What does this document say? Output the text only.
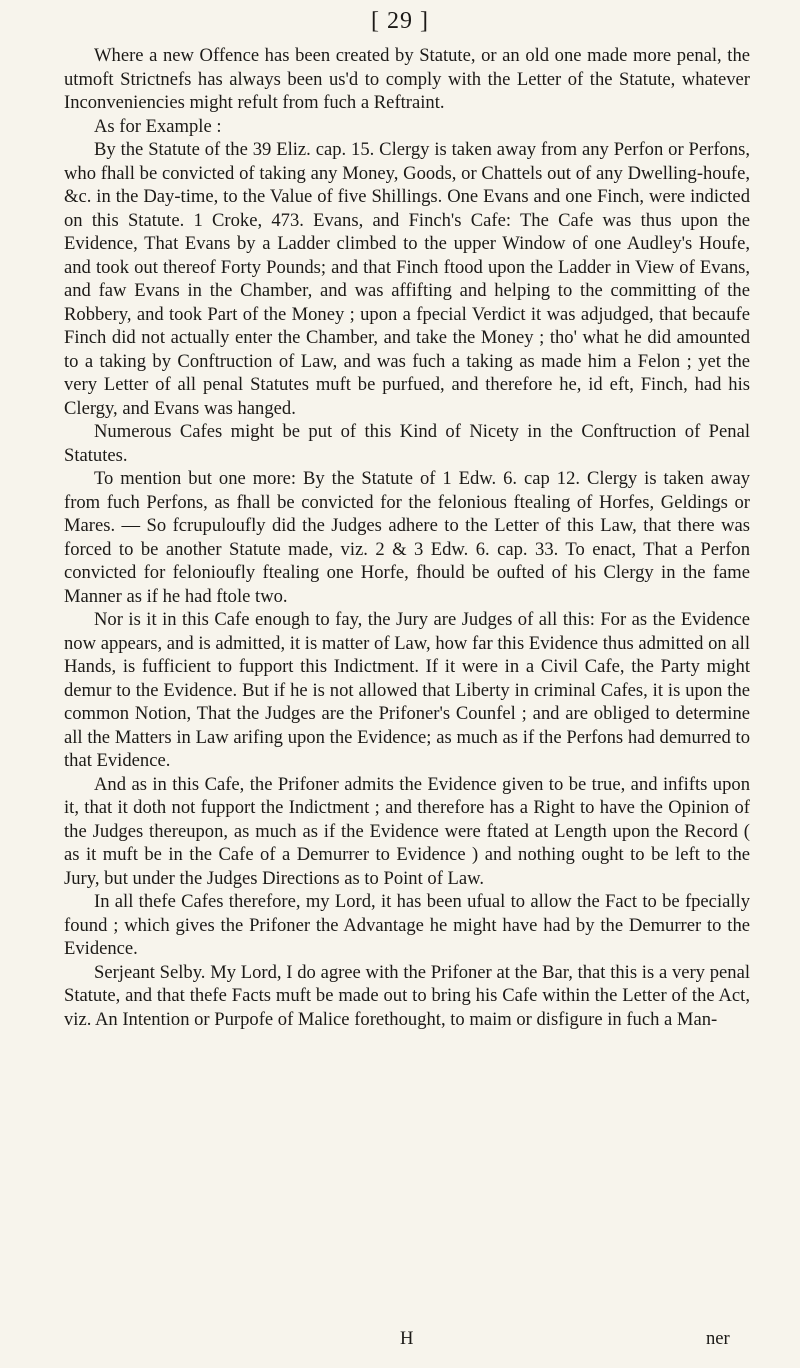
[ 29 ]

Where a new Offence has been created by Statute, or an old one made more penal, the utmoft Strictnefs has always been us'd to comply with the Letter of the Statute, whatever Inconveniencies might refult from fuch a Reftraint.

As for Example :

By the Statute of the 39 Eliz. cap. 15. Clergy is taken away from any Perfon or Perfons, who fhall be convicted of taking any Money, Goods, or Chattels out of any Dwelling-houfe, &c. in the Day-time, to the Value of five Shillings. One Evans and one Finch, were indicted on this Statute. 1 Croke, 473. Evans, and Finch's Cafe: The Cafe was thus upon the Evidence, That Evans by a Ladder climbed to the upper Window of one Audley's Houfe, and took out thereof Forty Pounds; and that Finch ftood upon the Ladder in View of Evans, and faw Evans in the Chamber, and was affifting and helping to the committing of the Robbery, and took Part of the Money ; upon a fpecial Verdict it was adjudged, that becaufe Finch did not actually enter the Chamber, and take the Money ; tho' what he did amounted to a taking by Conftruction of Law, and was fuch a taking as made him a Felon ; yet the very Letter of all penal Statutes muft be purfued, and therefore he, id eft, Finch, had his Clergy, and Evans was hanged.

Numerous Cafes might be put of this Kind of Nicety in the Conftruction of Penal Statutes.

To mention but one more: By the Statute of 1 Edw. 6. cap 12. Clergy is taken away from fuch Perfons, as fhall be convicted for the felonious ftealing of Horfes, Geldings or Mares. — So fcrupuloufly did the Judges adhere to the Letter of this Law, that there was forced to be another Statute made, viz. 2 & 3 Edw. 6. cap. 33. To enact, That a Perfon convicted for felonioufly ftealing one Horfe, fhould be oufted of his Clergy in the fame Manner as if he had ftole two.

Nor is it in this Cafe enough to fay, the Jury are Judges of all this: For as the Evidence now appears, and is admitted, it is matter of Law, how far this Evidence thus admitted on all Hands, is fufficient to fupport this Indictment. If it were in a Civil Cafe, the Party might demur to the Evidence. But if he is not allowed that Liberty in criminal Cafes, it is upon the common Notion, That the Judges are the Prifoner's Counfel ; and are obliged to determine all the Matters in Law arifing upon the Evidence; as much as if the Perfons had demurred to that Evidence.

And as in this Cafe, the Prifoner admits the Evidence given to be true, and infifts upon it, that it doth not fupport the Indictment ; and therefore has a Right to have the Opinion of the Judges thereupon, as much as if the Evidence were ftated at Length upon the Record ( as it muft be in the Cafe of a Demurrer to Evidence ) and nothing ought to be left to the Jury, but under the Judges Directions as to Point of Law.

In all thefe Cafes therefore, my Lord, it has been ufual to allow the Fact to be fpecially found ; which gives the Prifoner the Advantage he might have had by the Demurrer to the Evidence.

Serjeant Selby. My Lord, I do agree with the Prifoner at the Bar, that this is a very penal Statute, and that thefe Facts muft be made out to bring his Cafe within the Letter of the Act, viz. An Intention or Purpofe of Malice forethought, to maim or disfigure in fuch a Man-

H	ner
